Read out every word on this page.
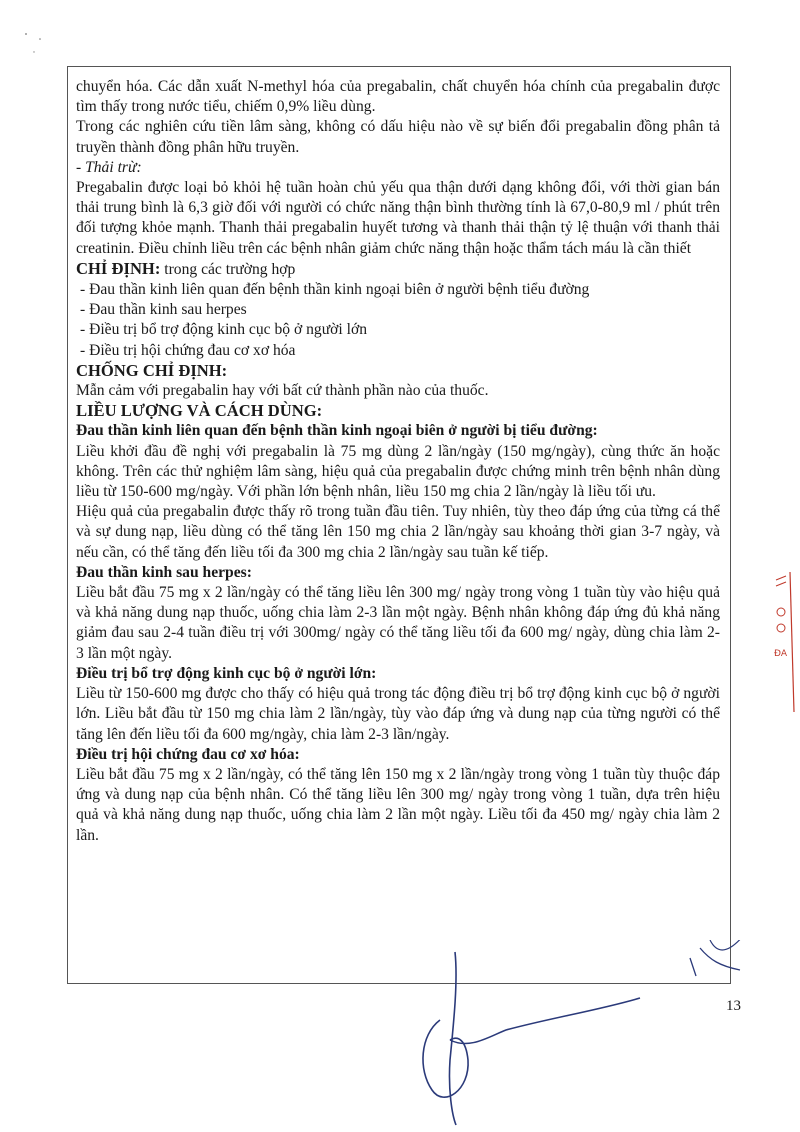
chuyển hóa. Các dẫn xuất N-methyl hóa của pregabalin, chất chuyển hóa chính của pregabalin được tìm thấy trong nước tiểu, chiếm 0,9% liều dùng.

Trong các nghiên cứu tiền lâm sàng, không có dấu hiệu nào về sự biến đổi pregabalin đồng phân tả truyền thành đồng phân hữu truyền.

- Thải trừ:

Pregabalin được loại bỏ khỏi hệ tuần hoàn chủ yếu qua thận dưới dạng không đổi, với thời gian bán thải trung bình là 6,3 giờ đối với người có chức năng thận bình thường tính là 67,0-80,9 ml / phút trên đối tượng khỏe mạnh. Thanh thải pregabalin huyết tương và thanh thải thận tỷ lệ thuận với thanh thải creatinin. Điều chỉnh liều trên các bệnh nhân giảm chức năng thận hoặc thẩm tách máu là cần thiết

CHỈ ĐỊNH: trong các trường hợp

- Đau thần kinh liên quan đến bệnh thần kinh ngoại biên ở người bệnh tiểu đường

- Đau thần kinh sau herpes

- Điều trị bổ trợ động kinh cục bộ ở người lớn

- Điều trị hội chứng đau cơ xơ hóa

CHỐNG CHỈ ĐỊNH:

Mẫn cảm với pregabalin hay với bất cứ thành phần nào của thuốc.

LIỀU LƯỢNG VÀ CÁCH DÙNG:

Đau thần kinh liên quan đến bệnh thần kinh ngoại biên ở người bị tiểu đường:

Liều khởi đầu đề nghị với pregabalin là 75 mg dùng 2 lần/ngày (150 mg/ngày), cùng thức ăn hoặc không. Trên các thử nghiệm lâm sàng, hiệu quả của pregabalin được chứng minh trên bệnh nhân dùng liều từ 150-600 mg/ngày. Với phần lớn bệnh nhân, liều 150 mg chia 2 lần/ngày là liều tối ưu.

Hiệu quả của pregabalin được thấy rõ trong tuần đầu tiên. Tuy nhiên, tùy theo đáp ứng của từng cá thể và sự dung nạp, liều dùng có thể tăng lên 150 mg chia 2 lần/ngày sau khoảng thời gian 3-7 ngày, và nếu cần, có thể tăng đến liều tối đa 300 mg chia 2 lần/ngày sau tuần kế tiếp.

Đau thần kinh sau herpes:

Liều bắt đầu 75 mg x 2 lần/ngày có thể tăng liều lên 300 mg/ ngày trong vòng 1 tuần tùy vào hiệu quả và khả năng dung nạp thuốc, uống chia làm 2-3 lần một ngày. Bệnh nhân không đáp ứng đủ khả năng giảm đau sau 2-4 tuần điều trị với 300mg/ ngày có thể tăng liều tối đa 600 mg/ ngày, dùng chia làm 2-3 lần một ngày.

Điều trị bổ trợ động kinh cục bộ ở người lớn:

Liều từ 150-600 mg được cho thấy có hiệu quả trong tác động điều trị bổ trợ động kinh cục bộ ở người lớn. Liều bắt đầu từ 150 mg chia làm 2 lần/ngày, tùy vào đáp ứng và dung nạp của từng người có thể tăng lên đến liều tối đa 600 mg/ngày, chia làm 2-3 lần/ngày.

Điều trị hội chứng đau cơ xơ hóa:

Liều bắt đầu 75 mg x 2 lần/ngày, có thể tăng lên 150 mg x 2 lần/ngày trong vòng 1 tuần tùy thuộc đáp ứng và dung nạp của bệnh nhân. Có thể tăng liều lên 300 mg/ ngày trong vòng 1 tuần, dựa trên hiệu quả và khả năng dung nạp thuốc, uống chia làm 2 lần một ngày. Liều tối đa 450 mg/ ngày chia làm 2 lần.

13
ĐA
